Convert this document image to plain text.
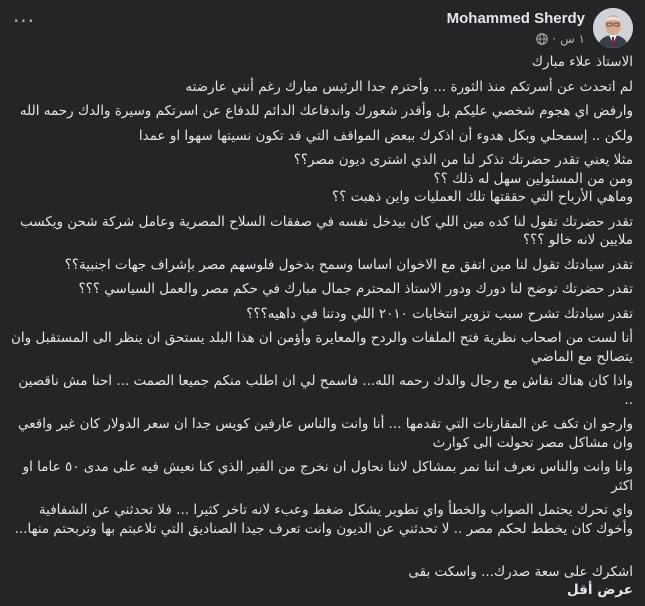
···	Mohammed Sherdy
١ س
·
الاستاذ علاء مبارك
لم اتحدث عن أسرتكم منذ الثورة ... وأحترم جدا الرئيس مبارك رغم أنني عارضته
وارفض اي هجوم شخصي عليكم بل وأقدر شعورك واندفاعك الدائم للدفاع عن اسرتكم وسيرة والدك رحمه الله
ولكن .. إسمحلي وبكل هدوء أن اذكرك ببعض المواقف التي قد تكون نسيتها سهوا او عمدا
مثلا يعني تقدر حضرتك تذكر لنا من الذي اشترى ديون مصر؟؟
ومن من المسئولين سهل له ذلك ؟؟
وماهي الأرباح التي حققتها تلك العمليات واين ذهبت ؟؟
تقدر حضرتك تقول لنا كده مين اللي كان بيدخل نفسه في صفقات السلاح المصرية وعامل شركة شحن ويكسب ملايين لانه خالو ؟؟؟
تقدر سيادتك تقول لنا مين اتفق مع الاخوان اساسا وسمح بدخول فلوسهم مصر بإشراف جهات اجنبية؟؟
تقدر حضرتك توضح لنا دورك ودور الاستاذ المحترم جمال مبارك في حكم مصر والعمل السياسي ؟؟؟
تقدر سيادتك تشرح سبب تزوير انتخابات ٢٠١٠ اللي ودتنا في داهيه؟؟؟
أنا لست من اصحاب نظرية فتح الملفات والردح والمعايرة وأؤمن ان هذا البلد يستحق ان ينظر الى المستقبل وان يتصالح مع الماضي
واذا كان هناك نقاش مع رجال والدك رحمه الله... فاسمح لي ان اطلب منكم جميعا الصمت ... احنا مش ناقصين ..
وارجو ان تكف عن المقارنات التي تقدمها ... أنا وانت والناس عارفين كويس جدا ان سعر الدولار كان غير واقعي وان مشاكل مصر تحولت الى كوارث
وانا وانت والناس نعرف اننا نمر بمشاكل لاننا نحاول ان نخرج من القبر الذي كنا نعيش فيه على مدى ٥٠ عاما او اكثر
واي تحرك يحتمل الصواب والخطأ واي تطوير يشكل ضغط وعبء لانه تاخر كثيرا ... فلا تحدثني عن الشفافية وأخوك كان يخطط لحكم مصر .. لا تحدثني عن الديون وانت تعرف جيدا الصناديق التي تلاعبتم بها وتربحتم منها...

اشكرك على سعة صدرك... واسكت بقى
عرض أقل
